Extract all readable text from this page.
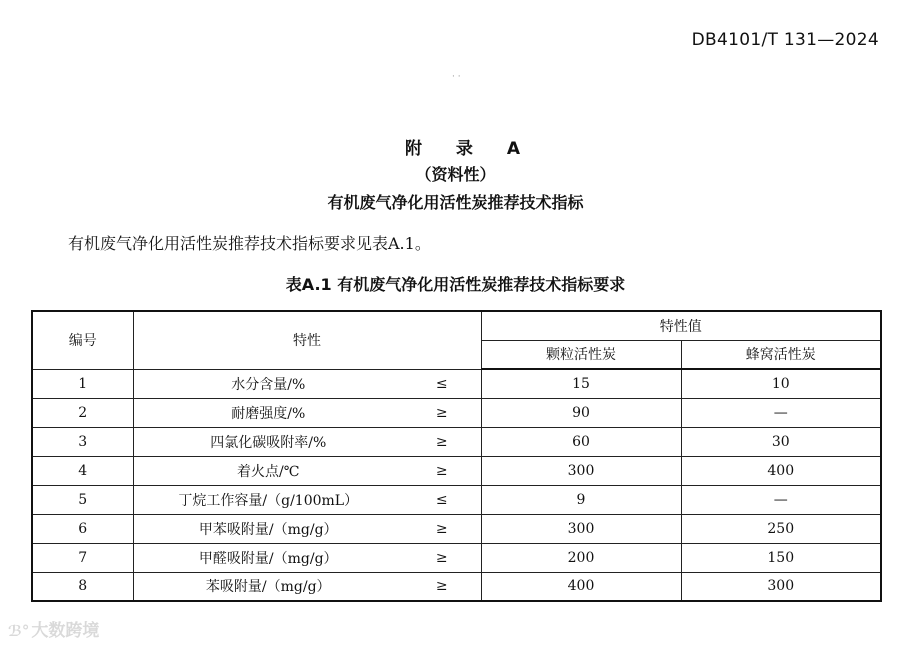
DB4101/T 131—2024
· ·
附 录 A
（资料性）
有机废气净化用活性炭推荐技术指标
有机废气净化用活性炭推荐技术指标要求见表A.1。
表A.1 有机废气净化用活性炭推荐技术指标要求
编号	特性		特性值	
			颗粒活性炭	蜂窝活性炭
1	水分含量/%	≤	15	10
2	耐磨强度/%	≥	90	—
3	四氯化碳吸附率/%	≥	60	30
4	着火点/℃	≥	300	400
5	丁烷工作容量/（g/100mL）	≤	9	—
6	甲苯吸附量/（mg/g）	≥	300	250
7	甲醛吸附量/（mg/g）	≥	200	150
8	苯吸附量/（mg/g）	≥	400	300
ℬ° 大数跨境
